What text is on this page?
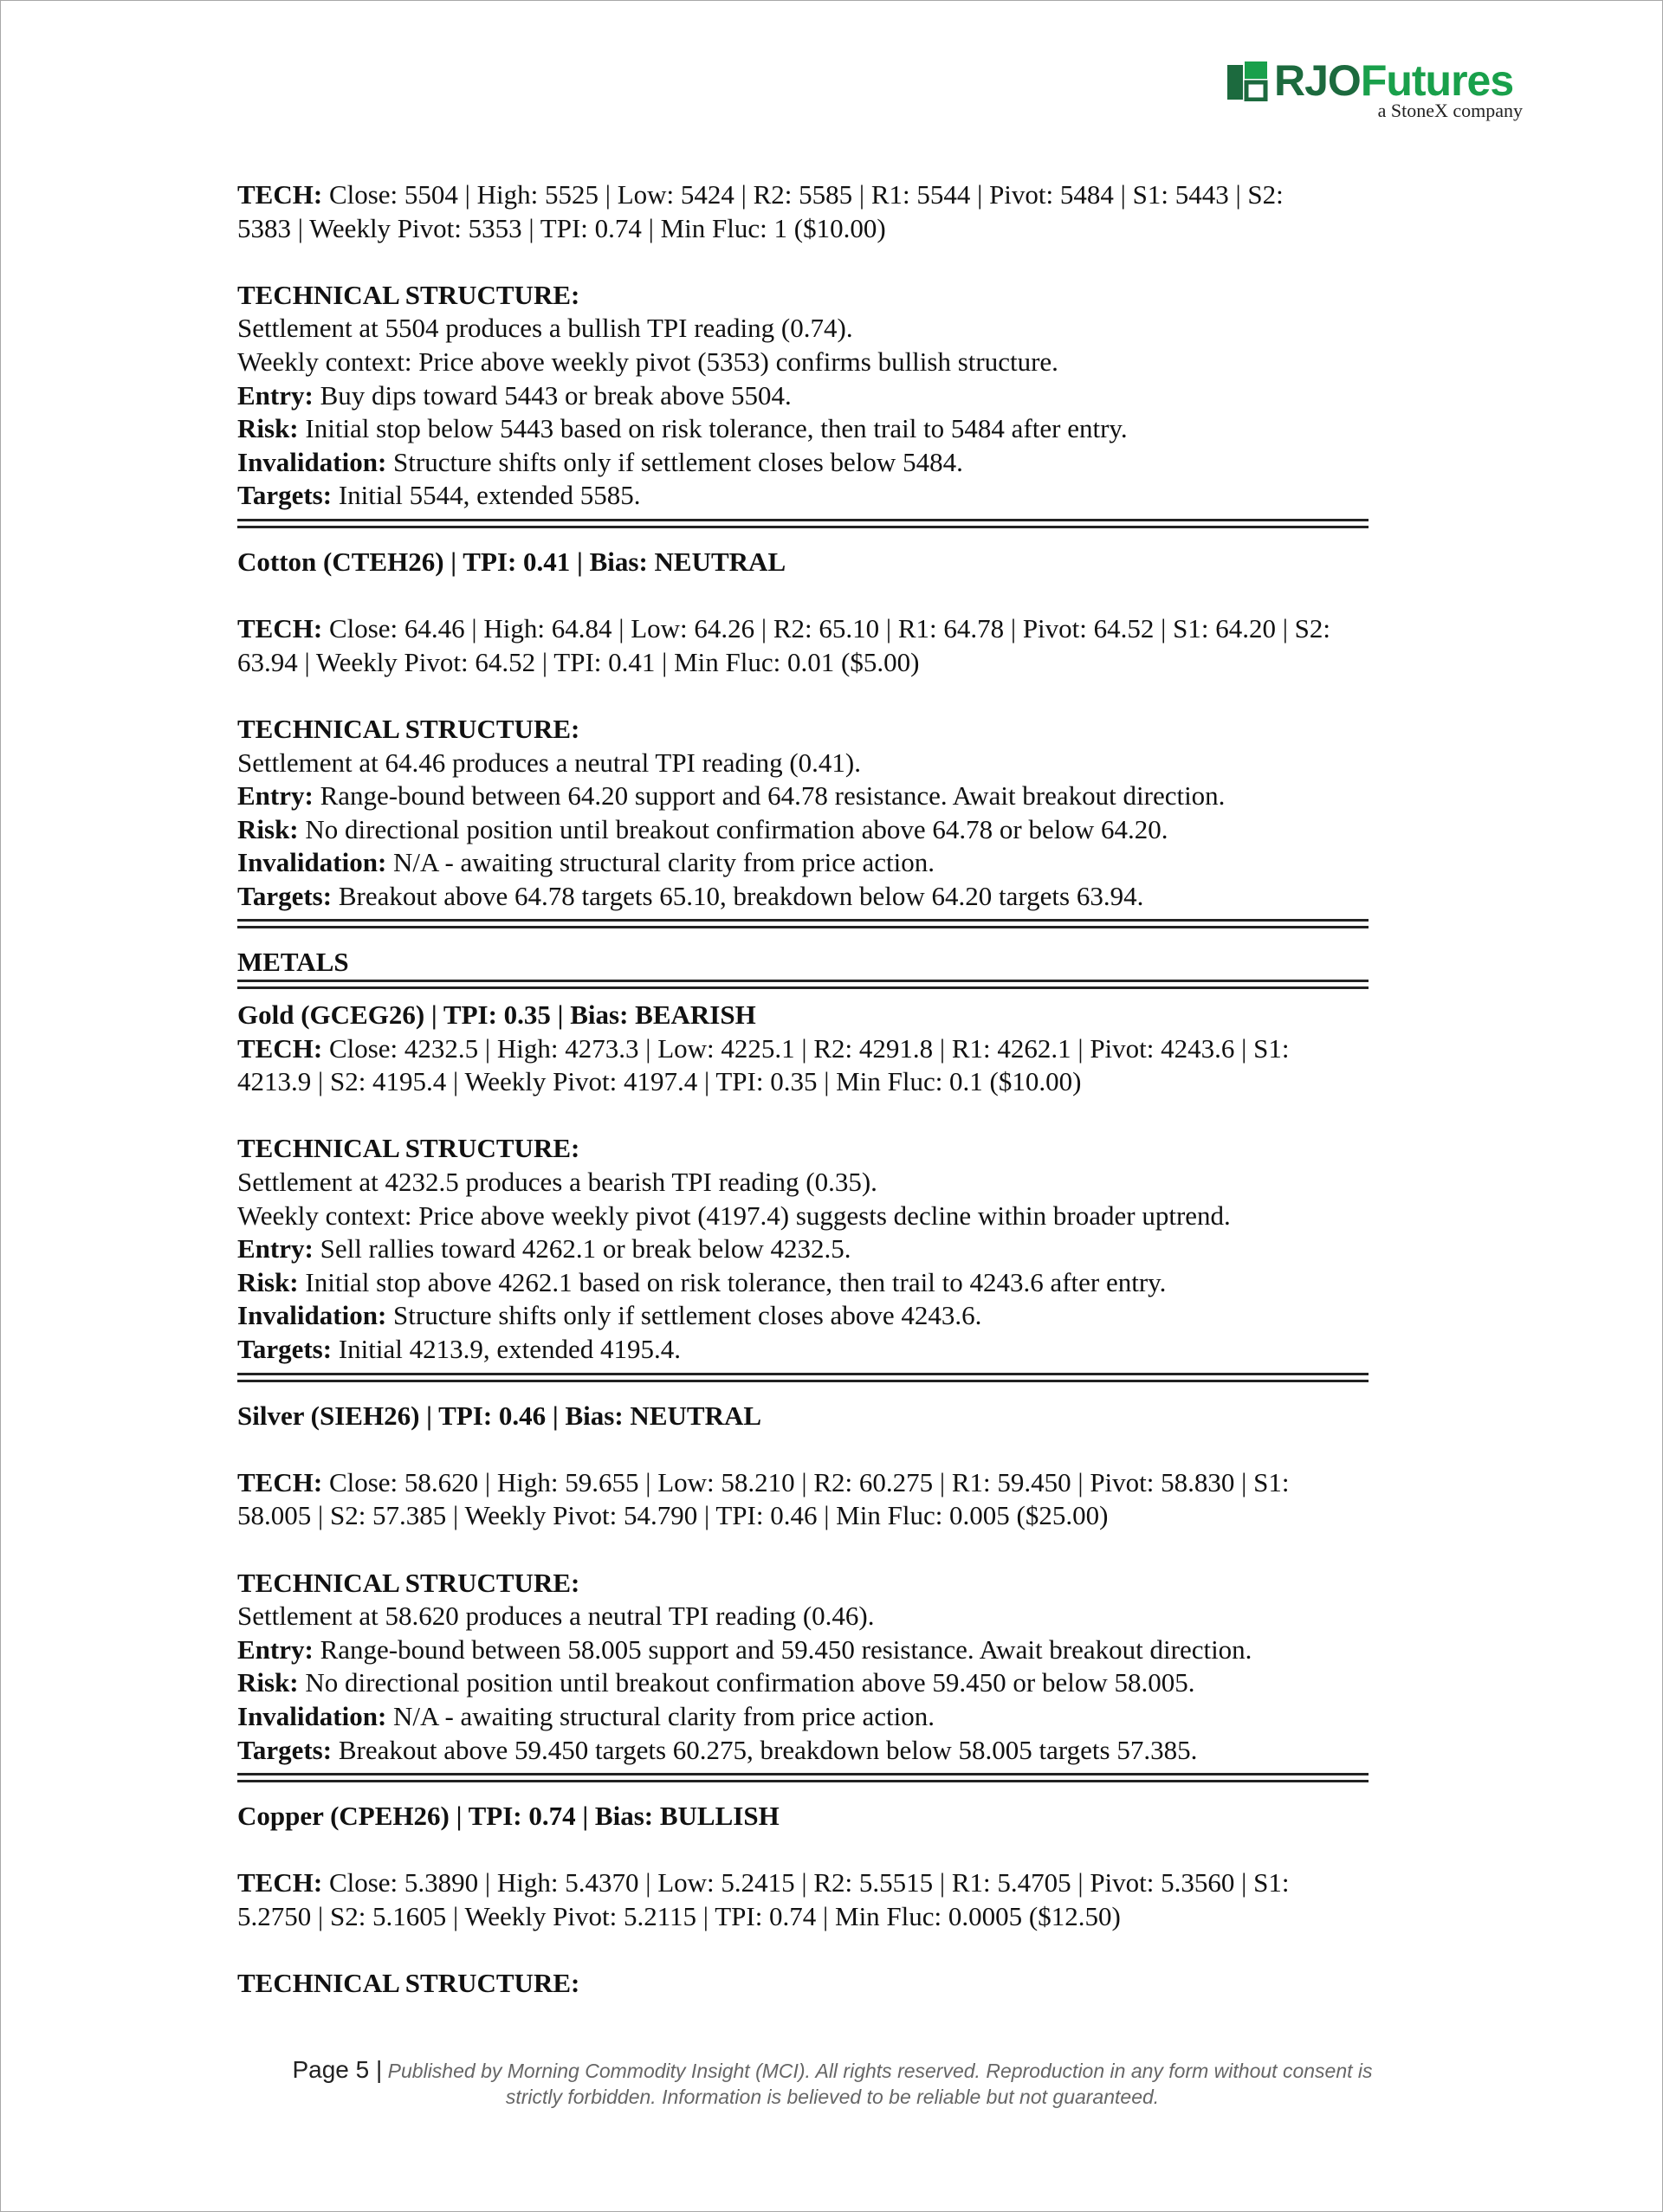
RJOFutures
a StoneX company
TECH: Close: 5504 | High: 5525 | Low: 5424 | R2: 5585 | R1: 5544 | Pivot: 5484 | S1: 5443 | S2:
5383 | Weekly Pivot: 5353 | TPI: 0.74 | Min Fluc: 1 ($10.00)
TECHNICAL STRUCTURE:
Settlement at 5504 produces a bullish TPI reading (0.74).
Weekly context: Price above weekly pivot (5353) confirms bullish structure.
Entry: Buy dips toward 5443 or break above 5504.
Risk: Initial stop below 5443 based on risk tolerance, then trail to 5484 after entry.
Invalidation: Structure shifts only if settlement closes below 5484.
Targets: Initial 5544, extended 5585.
Cotton (CTEH26) | TPI: 0.41 | Bias: NEUTRAL
TECH: Close: 64.46 | High: 64.84 | Low: 64.26 | R2: 65.10 | R1: 64.78 | Pivot: 64.52 | S1: 64.20 | S2:
63.94 | Weekly Pivot: 64.52 | TPI: 0.41 | Min Fluc: 0.01 ($5.00)
TECHNICAL STRUCTURE:
Settlement at 64.46 produces a neutral TPI reading (0.41).
Entry: Range-bound between 64.20 support and 64.78 resistance. Await breakout direction.
Risk: No directional position until breakout confirmation above 64.78 or below 64.20.
Invalidation: N/A - awaiting structural clarity from price action.
Targets: Breakout above 64.78 targets 65.10, breakdown below 64.20 targets 63.94.
METALS
Gold (GCEG26) | TPI: 0.35 | Bias: BEARISH
TECH: Close: 4232.5 | High: 4273.3 | Low: 4225.1 | R2: 4291.8 | R1: 4262.1 | Pivot: 4243.6 | S1:
4213.9 | S2: 4195.4 | Weekly Pivot: 4197.4 | TPI: 0.35 | Min Fluc: 0.1 ($10.00)
TECHNICAL STRUCTURE:
Settlement at 4232.5 produces a bearish TPI reading (0.35).
Weekly context: Price above weekly pivot (4197.4) suggests decline within broader uptrend.
Entry: Sell rallies toward 4262.1 or break below 4232.5.
Risk: Initial stop above 4262.1 based on risk tolerance, then trail to 4243.6 after entry.
Invalidation: Structure shifts only if settlement closes above 4243.6.
Targets: Initial 4213.9, extended 4195.4.
Silver (SIEH26) | TPI: 0.46 | Bias: NEUTRAL
TECH: Close: 58.620 | High: 59.655 | Low: 58.210 | R2: 60.275 | R1: 59.450 | Pivot: 58.830 | S1:
58.005 | S2: 57.385 | Weekly Pivot: 54.790 | TPI: 0.46 | Min Fluc: 0.005 ($25.00)
TECHNICAL STRUCTURE:
Settlement at 58.620 produces a neutral TPI reading (0.46).
Entry: Range-bound between 58.005 support and 59.450 resistance. Await breakout direction.
Risk: No directional position until breakout confirmation above 59.450 or below 58.005.
Invalidation: N/A - awaiting structural clarity from price action.
Targets: Breakout above 59.450 targets 60.275, breakdown below 58.005 targets 57.385.
Copper (CPEH26) | TPI: 0.74 | Bias: BULLISH
TECH: Close: 5.3890 | High: 5.4370 | Low: 5.2415 | R2: 5.5515 | R1: 5.4705 | Pivot: 5.3560 | S1:
5.2750 | S2: 5.1605 | Weekly Pivot: 5.2115 | TPI: 0.74 | Min Fluc: 0.0005 ($12.50)
TECHNICAL STRUCTURE:
Page 5 | Published by Morning Commodity Insight (MCI). All rights reserved. Reproduction in any form without consent is
strictly forbidden. Information is believed to be reliable but not guaranteed.
